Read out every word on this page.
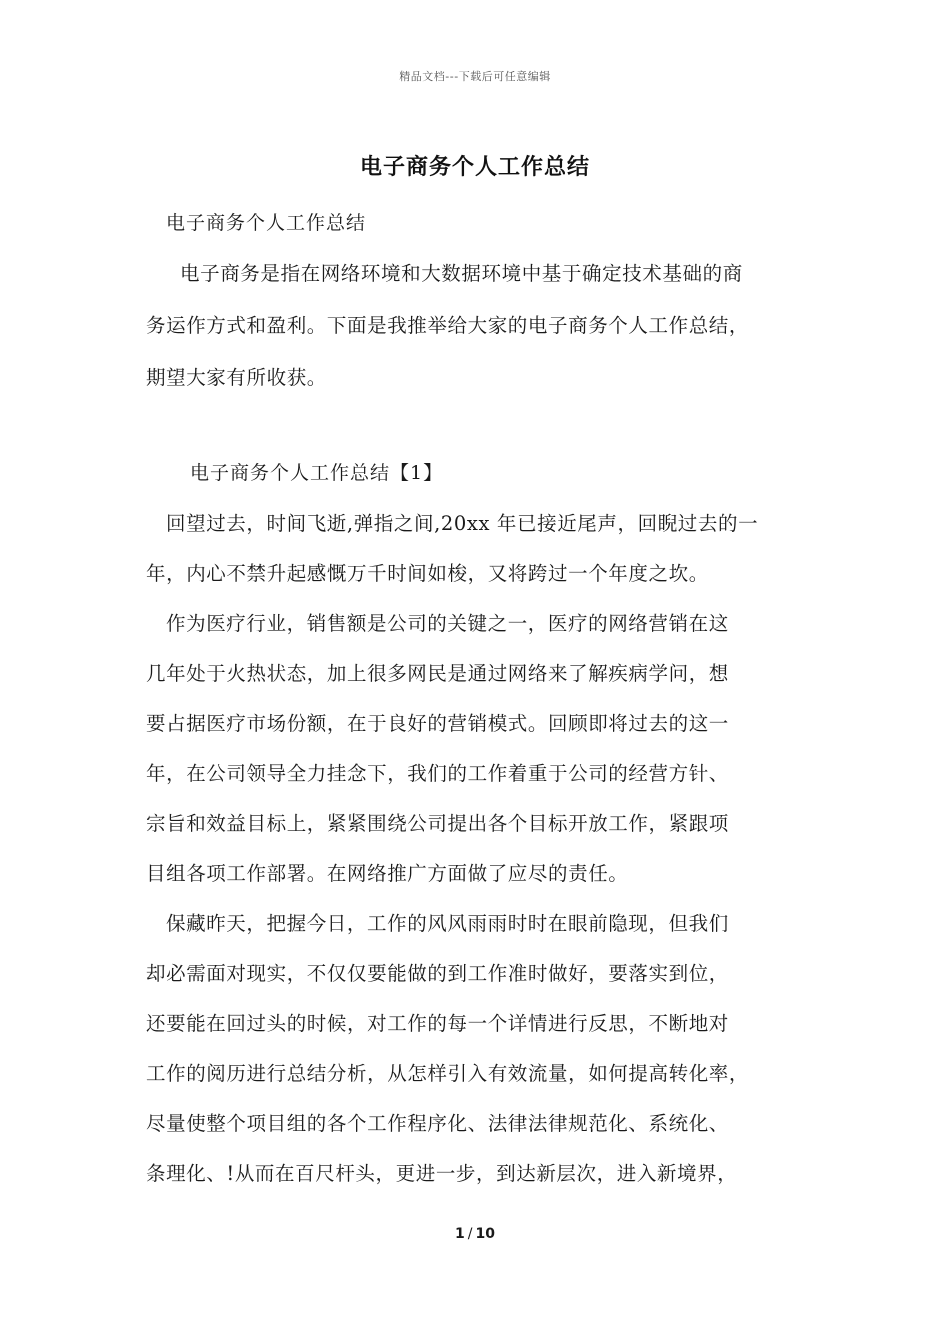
精品文档---下载后可任意编辑
电子商务个人工作总结
电子商务个人工作总结
电子商务是指在网络环境和大数据环境中基于确定技术基础的商
务运作方式和盈利。下面是我推举给大家的电子商务个人工作总结，
期望大家有所收获。
电子商务个人工作总结【1】
回望过去，时间飞逝,弹指之间,20xx 年已接近尾声，回睨过去的一
年，内心不禁升起感慨万千时间如梭，又将跨过一个年度之坎。
作为医疗行业，销售额是公司的关键之一，医疗的网络营销在这
几年处于火热状态，加上很多网民是通过网络来了解疾病学问，想
要占据医疗市场份额，在于良好的营销模式。回顾即将过去的这一
年，在公司领导全力挂念下，我们的工作着重于公司的经营方针、
宗旨和效益目标上，紧紧围绕公司提出各个目标开放工作，紧跟项
目组各项工作部署。在网络推广方面做了应尽的责任。
保藏昨天，把握今日，工作的风风雨雨时时在眼前隐现，但我们
却必需面对现实，不仅仅要能做的到工作准时做好，要落实到位，
还要能在回过头的时候，对工作的每一个详情进行反思，不断地对
工作的阅历进行总结分析，从怎样引入有效流量，如何提高转化率，
尽量使整个项目组的各个工作程序化、法律法律规范化、系统化、
条理化、!从而在百尺杆头，更进一步，到达新层次，进入新境界，
1 / 10
